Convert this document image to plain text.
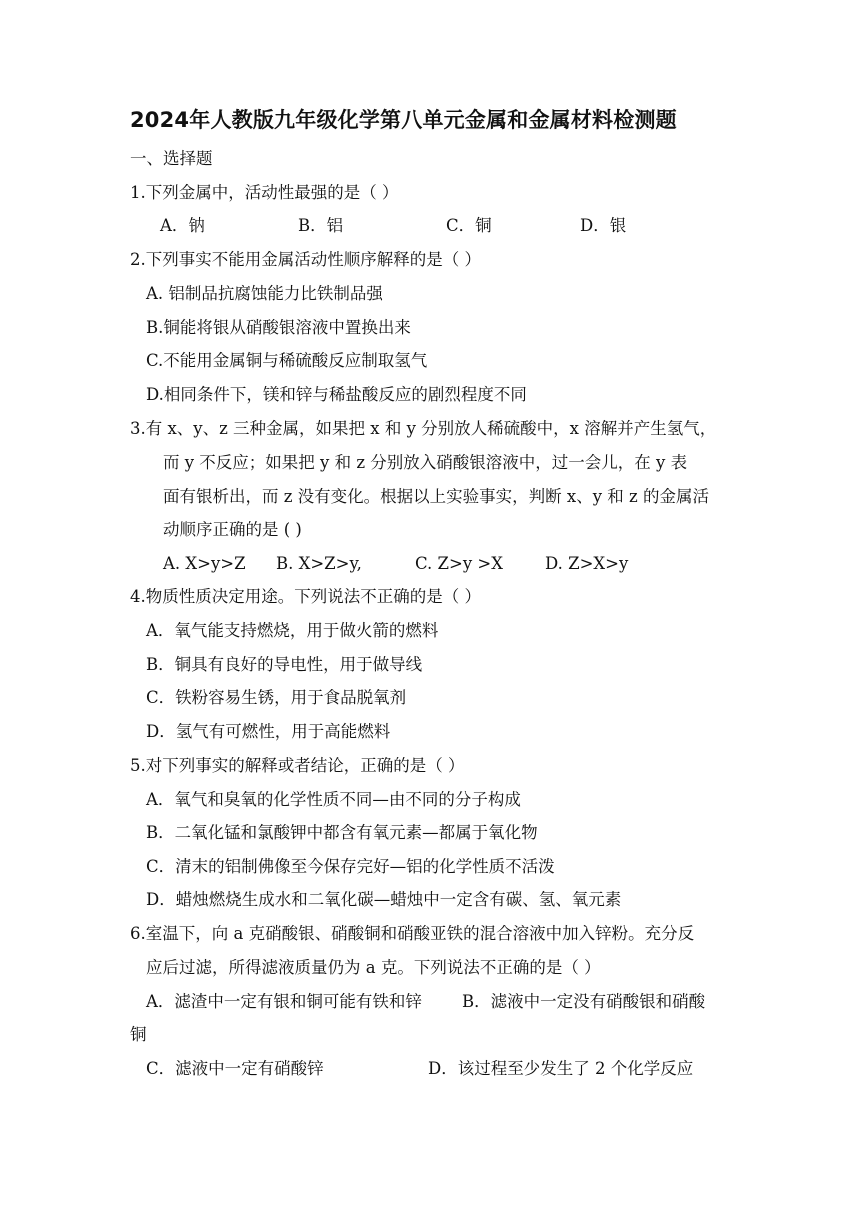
2024年人教版九年级化学第八单元金属和金属材料检测题
一、选择题
1.下列金属中，活动性最强的是（ ）
A．钠	B．铝	C．铜	D．银
2.下列事实不能用金属活动性顺序解释的是（ ）
A. 铝制品抗腐蚀能力比铁制品强
B.铜能将银从硝酸银溶液中置换出来
C.不能用金属铜与稀硫酸反应制取氢气
D.相同条件下，镁和锌与稀盐酸反应的剧烈程度不同
3.有 x、y、z 三种金属，如果把 x 和 y 分别放人稀硫酸中，x 溶解并产生氢气，
而 y 不反应；如果把 y 和 z 分别放入硝酸银溶液中，过一会儿，在 y 表
面有银析出，而 z 没有变化。根据以上实验事实，判断 x、y 和 z 的金属活
动顺序正确的是 ( )
A. X>y>Z B. X>Z>y,	C. Z>y >X	D. Z>X>y
4.物质性质决定用途。下列说法不正确的是（ ）
A．氧气能支持燃烧，用于做火箭的燃料
B．铜具有良好的导电性，用于做导线
C．铁粉容易生锈，用于食品脱氧剂
D．氢气有可燃性，用于高能燃料
5.对下列事实的解释或者结论，正确的是（ ）
A．氧气和臭氧的化学性质不同—由不同的分子构成
B．二氧化锰和氯酸钾中都含有氧元素—都属于氧化物
C．清末的铝制佛像至今保存完好—铝的化学性质不活泼
D．蜡烛燃烧生成水和二氧化碳—蜡烛中一定含有碳、氢、氧元素
6.室温下，向 a 克硝酸银、硝酸铜和硝酸亚铁的混合溶液中加入锌粉。充分反
应后过滤，所得滤液质量仍为 a 克。下列说法不正确的是（ ）
A．滤渣中一定有银和铜可能有铁和锌 B．滤液中一定没有硝酸银和硝酸
铜
C．滤液中一定有硝酸锌	D．该过程至少发生了 2 个化学反应
